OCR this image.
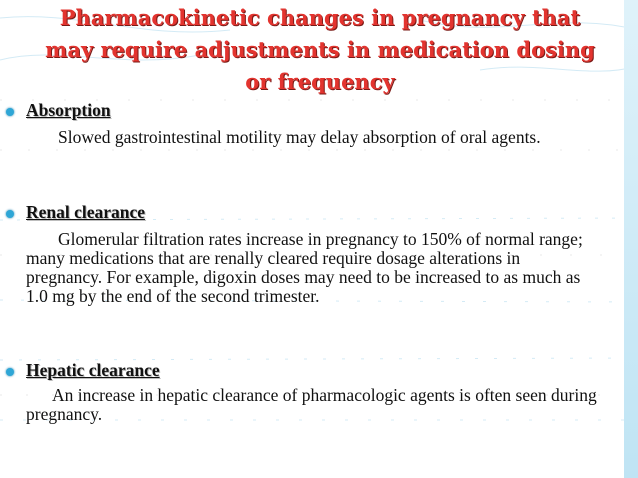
Pharmacokinetic changes in pregnancy that may require adjustments in medication dosing or frequency
Absorption
Slowed gastrointestinal motility may delay absorption of oral agents.
Renal clearance
Glomerular filtration rates increase in pregnancy to 150% of normal range; many medications that are renally cleared require dosage alterations in pregnancy. For example, digoxin doses may need to be increased to as much as 1.0 mg by the end of the second trimester.
Hepatic clearance
An increase in hepatic clearance of pharmacologic agents is often seen during pregnancy.
